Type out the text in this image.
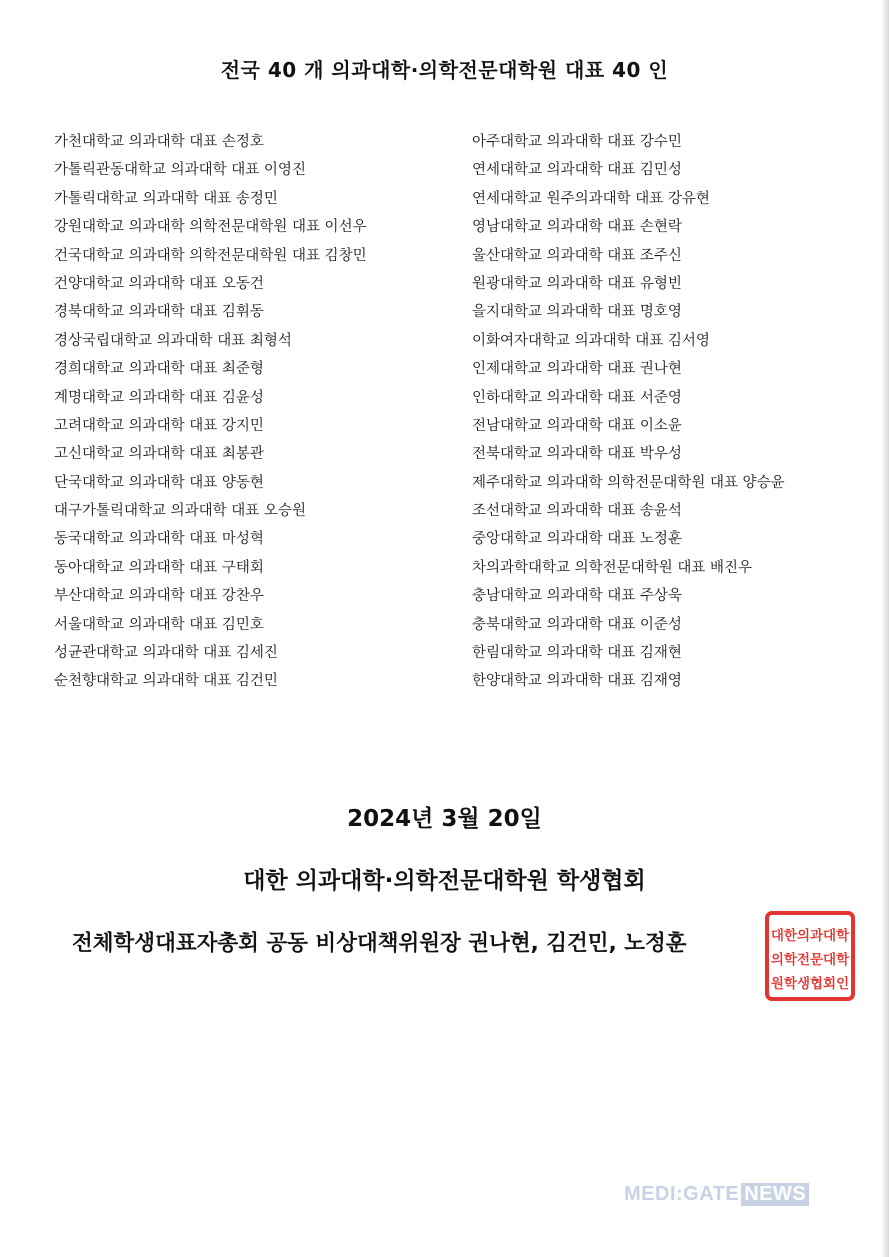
전국 40 개 의과대학·의학전문대학원 대표 40 인
가천대학교 의과대학 대표 손정호
가톨릭관동대학교 의과대학 대표 이영진
가톨릭대학교 의과대학 대표 송정민
강원대학교 의과대학 의학전문대학원 대표 이선우
건국대학교 의과대학 의학전문대학원 대표 김창민
건양대학교 의과대학 대표 오동건
경북대학교 의과대학 대표 김휘동
경상국립대학교 의과대학 대표 최형석
경희대학교 의과대학 대표 최준형
계명대학교 의과대학 대표 김윤성
고려대학교 의과대학 대표 강지민
고신대학교 의과대학 대표 최봉관
단국대학교 의과대학 대표 양동현
대구가톨릭대학교 의과대학 대표 오승원
동국대학교 의과대학 대표 마성혁
동아대학교 의과대학 대표 구태회
부산대학교 의과대학 대표 강찬우
서울대학교 의과대학 대표 김민호
성균관대학교 의과대학 대표 김세진
순천향대학교 의과대학 대표 김건민
아주대학교 의과대학 대표 강수민
연세대학교 의과대학 대표 김민성
연세대학교 원주의과대학 대표 강유현
영남대학교 의과대학 대표 손현락
울산대학교 의과대학 대표 조주신
원광대학교 의과대학 대표 유형빈
을지대학교 의과대학 대표 명호영
이화여자대학교 의과대학 대표 김서영
인제대학교 의과대학 대표 권나현
인하대학교 의과대학 대표 서준영
전남대학교 의과대학 대표 이소윤
전북대학교 의과대학 대표 박우성
제주대학교 의과대학 의학전문대학원 대표 양승윤
조선대학교 의과대학 대표 송윤석
중앙대학교 의과대학 대표 노정훈
차의과학대학교 의학전문대학원 대표 배진우
충남대학교 의과대학 대표 주상욱
충북대학교 의과대학 대표 이준성
한림대학교 의과대학 대표 김재현
한양대학교 의과대학 대표 김재영
2024년 3월 20일
대한 의과대학·의학전문대학원 학생협회
전체학생대표자총회 공동 비상대책위원장 권나현, 김건민, 노정훈	대한의과대학
의학전문대학
원학생협회인
MEDI:GATE NEWS
